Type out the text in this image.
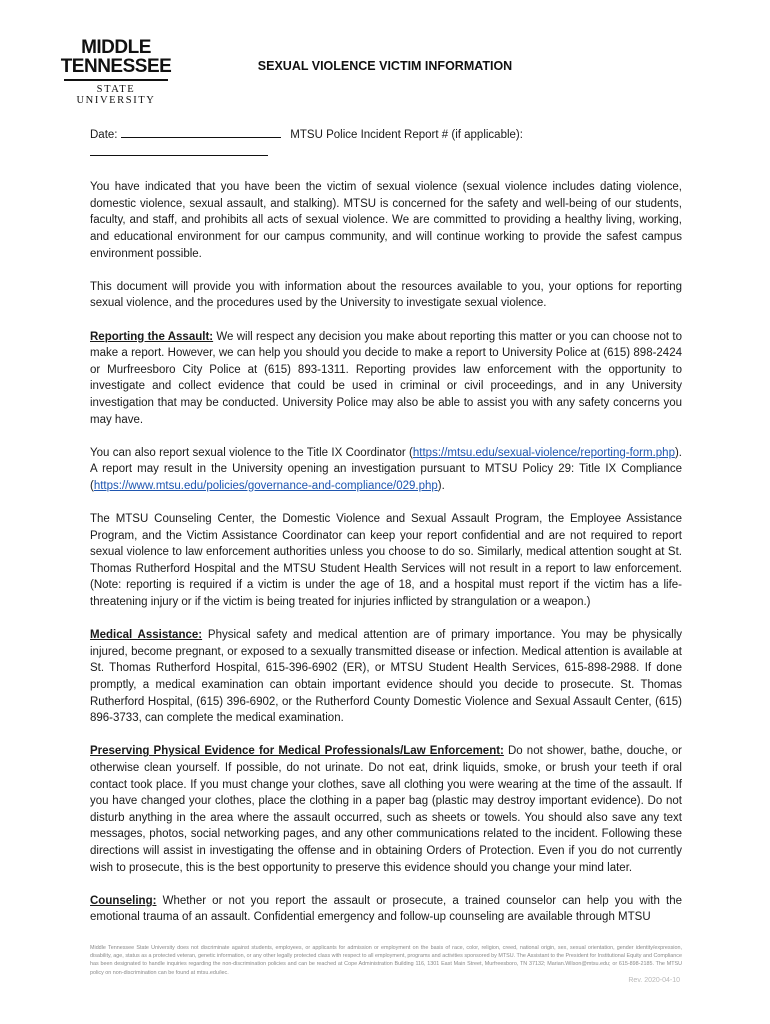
MIDDLE
TENNESSEE
STATE UNIVERSITY
SEXUAL VIOLENCE VICTIM INFORMATION

Date:	MTSU Police Incident Report # (if applicable):

You have indicated that you have been the victim of sexual violence (sexual violence includes dating violence, domestic violence, sexual assault, and stalking). MTSU is concerned for the safety and well-being of our students, faculty, and staff, and prohibits all acts of sexual violence. We are committed to providing a healthy living, working, and educational environment for our campus community, and will continue working to provide the safest campus environment possible.

This document will provide you with information about the resources available to you, your options for reporting sexual violence, and the procedures used by the University to investigate sexual violence.

Reporting the Assault: We will respect any decision you make about reporting this matter or you can choose not to make a report. However, we can help you should you decide to make a report to University Police at (615) 898-2424 or Murfreesboro City Police at (615) 893-1311. Reporting provides law enforcement with the opportunity to investigate and collect evidence that could be used in criminal or civil proceedings, and in any University investigation that may be conducted. University Police may also be able to assist you with any safety concerns you may have.

You can also report sexual violence to the Title IX Coordinator (https://mtsu.edu/sexual-violence/reporting-form.php). A report may result in the University opening an investigation pursuant to MTSU Policy 29: Title IX Compliance (https://www.mtsu.edu/policies/governance-and-compliance/029.php).

The MTSU Counseling Center, the Domestic Violence and Sexual Assault Program, the Employee Assistance Program, and the Victim Assistance Coordinator can keep your report confidential and are not required to report sexual violence to law enforcement authorities unless you choose to do so. Similarly, medical attention sought at St. Thomas Rutherford Hospital and the MTSU Student Health Services will not result in a report to law enforcement. (Note: reporting is required if a victim is under the age of 18, and a hospital must report if the victim has a life-threatening injury or if the victim is being treated for injuries inflicted by strangulation or a weapon.)

Medical Assistance: Physical safety and medical attention are of primary importance. You may be physically injured, become pregnant, or exposed to a sexually transmitted disease or infection. Medical attention is available at St. Thomas Rutherford Hospital, 615-396-6902 (ER), or MTSU Student Health Services, 615-898-2988. If done promptly, a medical examination can obtain important evidence should you decide to prosecute. St. Thomas Rutherford Hospital, (615) 396-6902, or the Rutherford County Domestic Violence and Sexual Assault Center, (615) 896-3733, can complete the medical examination.

Preserving Physical Evidence for Medical Professionals/Law Enforcement: Do not shower, bathe, douche, or otherwise clean yourself. If possible, do not urinate. Do not eat, drink liquids, smoke, or brush your teeth if oral contact took place. If you must change your clothes, save all clothing you were wearing at the time of the assault. If you have changed your clothes, place the clothing in a paper bag (plastic may destroy important evidence). Do not disturb anything in the area where the assault occurred, such as sheets or towels. You should also save any text messages, photos, social networking pages, and any other communications related to the incident. Following these directions will assist in investigating the offense and in obtaining Orders of Protection. Even if you do not currently wish to prosecute, this is the best opportunity to preserve this evidence should you change your mind later.

Counseling: Whether or not you report the assault or prosecute, a trained counselor can help you with the emotional trauma of an assault. Confidential emergency and follow-up counseling are available through MTSU

Middle Tennessee State University does not discriminate against students, employees, or applicants for admission or employment on the basis of race, color, religion, creed, national origin, sex, sexual orientation, gender identity/expression, disability, age, status as a protected veteran, genetic information, or any other legally protected class with respect to all employment, programs and activities sponsored by MTSU. The Assistant to the President for Institutional Equity and Compliance has been designated to handle inquiries regarding the non-discrimination policies and can be reached at Cope Administration Building 116, 1301 East Main Street, Murfreesboro, TN 37132; Marian.Wilson@mtsu.edu; or 615-898-2185. The MTSU policy on non-discrimination can be found at mtsu.edu/iec.
Rev. 2020-04-10
